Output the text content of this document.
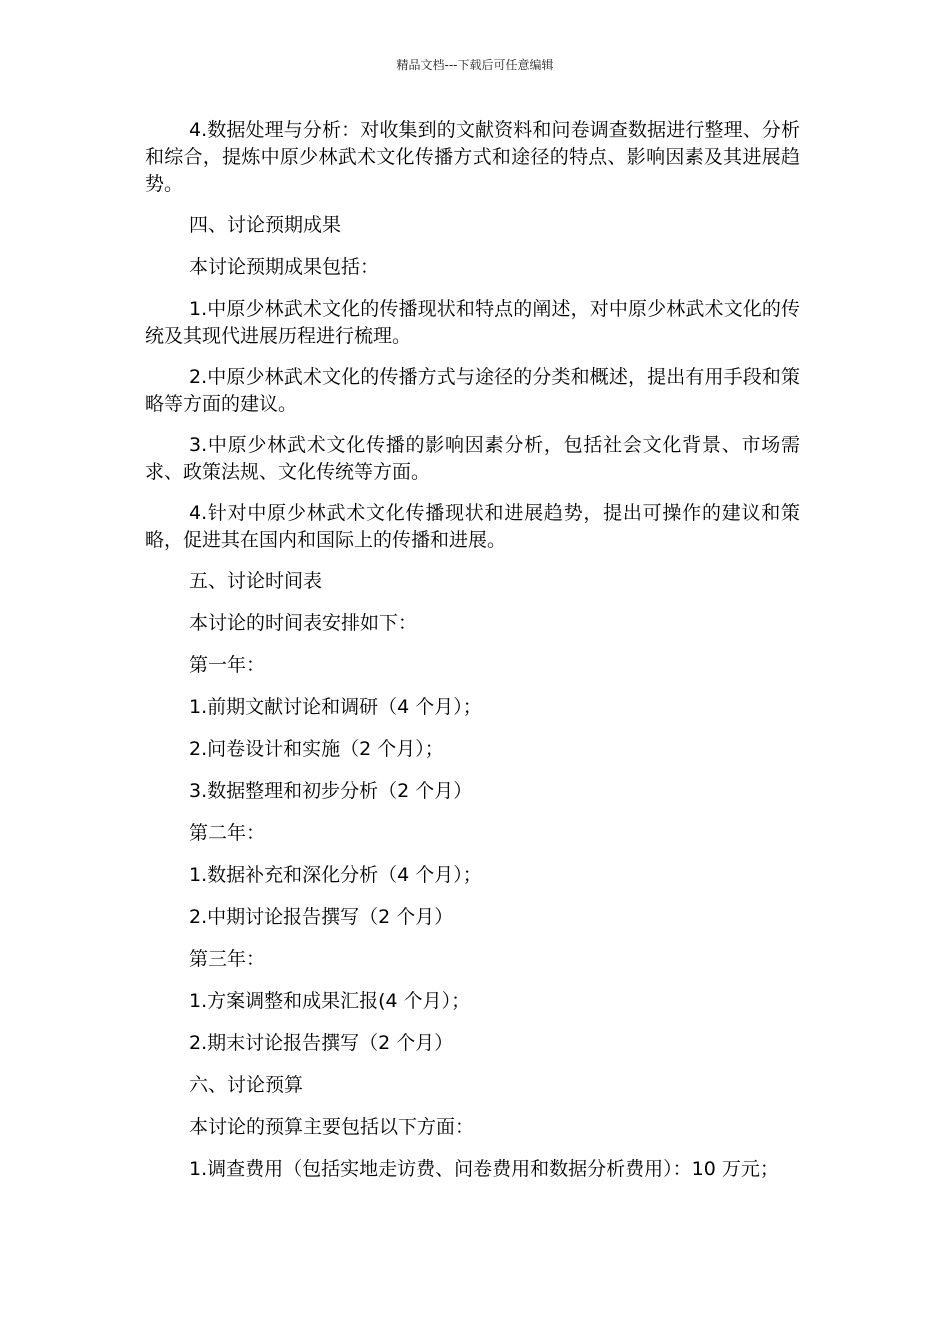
精品文档---下载后可任意编辑

4.数据处理与分析：对收集到的文献资料和问卷调查数据进行整理、分析和综合，提炼中原少林武术文化传播方式和途径的特点、影响因素及其进展趋势。

四、讨论预期成果

本讨论预期成果包括：

1.中原少林武术文化的传播现状和特点的阐述，对中原少林武术文化的传统及其现代进展历程进行梳理。

2.中原少林武术文化的传播方式与途径的分类和概述，提出有用手段和策略等方面的建议。

3.中原少林武术文化传播的影响因素分析，包括社会文化背景、市场需求、政策法规、文化传统等方面。

4.针对中原少林武术文化传播现状和进展趋势，提出可操作的建议和策略，促进其在国内和国际上的传播和进展。

五、讨论时间表

本讨论的时间表安排如下：

第一年：

1.前期文献讨论和调研（4 个月）；

2.问卷设计和实施（2 个月）；

3.数据整理和初步分析（2 个月）

第二年：

1.数据补充和深化分析（4 个月）；

2.中期讨论报告撰写（2 个月）

第三年：

1.方案调整和成果汇报(4 个月）；

2.期末讨论报告撰写（2 个月）

六、讨论预算

本讨论的预算主要包括以下方面：

1.调查费用（包括实地走访费、问卷费用和数据分析费用）：10 万元；
